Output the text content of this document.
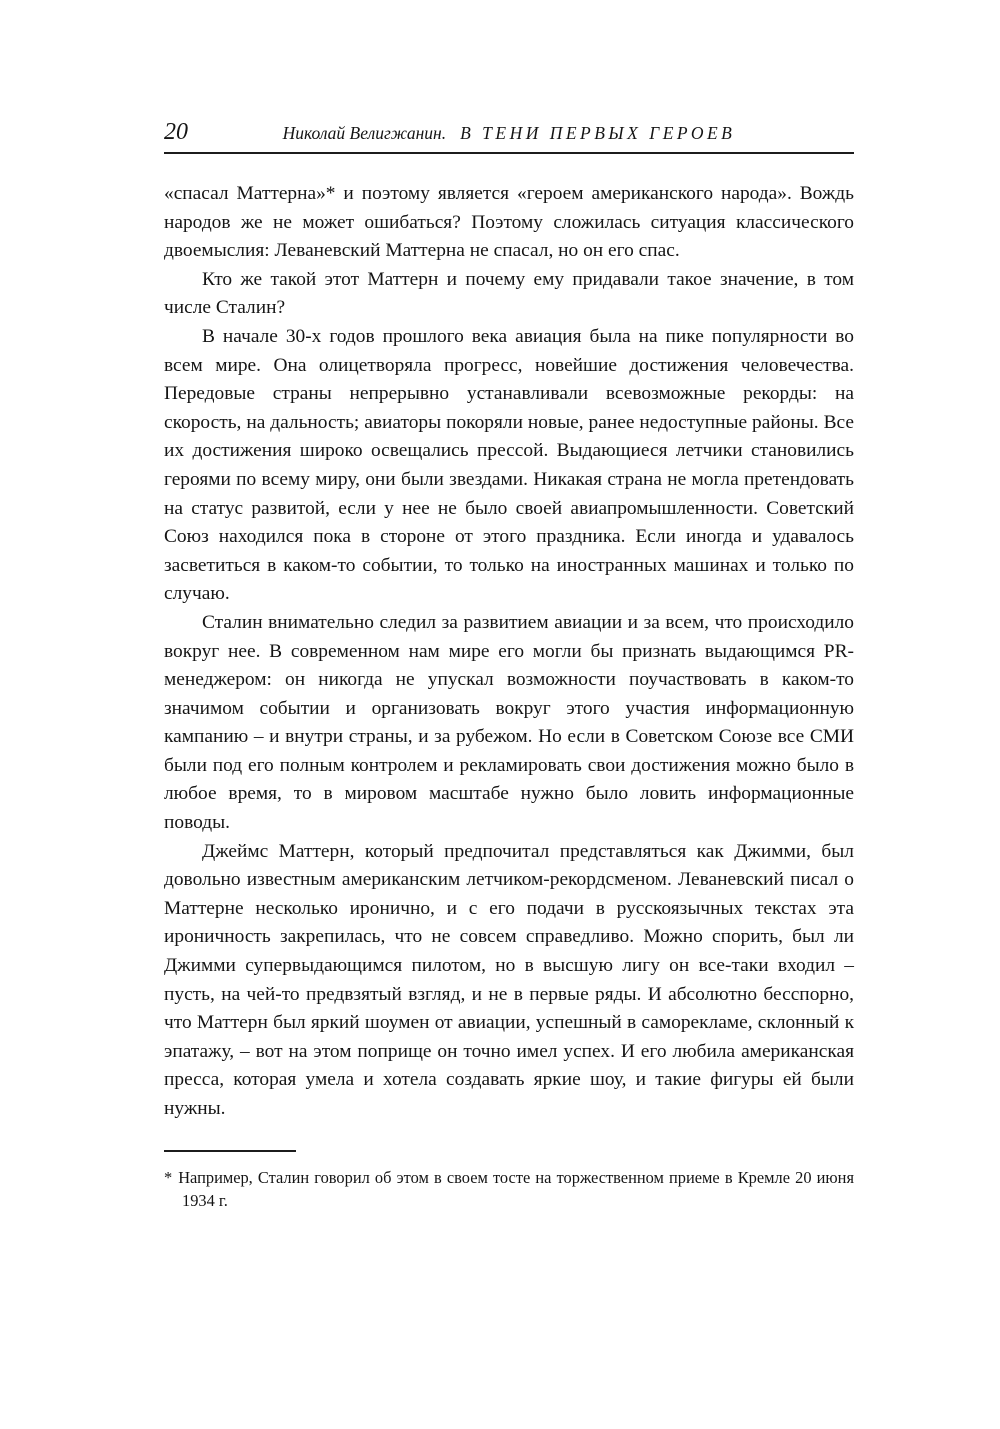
20	Николай Велигжанин. В ТЕНИ ПЕРВЫХ ГЕРОЕВ

«спасал Маттерна»* и поэтому является «героем американского народа». Вождь народов же не может ошибаться? Поэтому сложилась ситуация классического двоемыслия: Леваневский Маттерна не спасал, но он его спас.

Кто же такой этот Маттерн и почему ему придавали такое значение, в том числе Сталин?

В начале 30-х годов прошлого века авиация была на пике популярности во всем мире. Она олицетворяла прогресс, новейшие достижения человечества. Передовые страны непрерывно устанавливали всевозможные рекорды: на скорость, на дальность; авиаторы покоряли новые, ранее недоступные районы. Все их достижения широко освещались прессой. Выдающиеся летчики становились героями по всему миру, они были звездами. Никакая страна не могла претендовать на статус развитой, если у нее не было своей авиапромышленности. Советский Союз находился пока в стороне от этого праздника. Если иногда и удавалось засветиться в каком-то событии, то только на иностранных машинах и только по случаю.

Сталин внимательно следил за развитием авиации и за всем, что происходило вокруг нее. В современном нам мире его могли бы признать выдающимся PR-менеджером: он никогда не упускал возможности поучаствовать в каком-то значимом событии и организовать вокруг этого участия информационную кампанию – и внутри страны, и за рубежом. Но если в Советском Союзе все СМИ были под его полным контролем и рекламировать свои достижения можно было в любое время, то в мировом масштабе нужно было ловить информационные поводы.

Джеймс Маттерн, который предпочитал представляться как Джимми, был довольно известным американским летчиком-рекордсменом. Леваневский писал о Маттерне несколько иронично, и с его подачи в русскоязычных текстах эта ироничность закрепилась, что не совсем справедливо. Можно спорить, был ли Джимми супервыдающимся пилотом, но в высшую лигу он все-таки входил – пусть, на чей-то предвзятый взгляд, и не в первые ряды. И абсолютно бесспорно, что Маттерн был яркий шоумен от авиации, успешный в саморекламе, склонный к эпатажу, – вот на этом поприще он точно имел успех. И его любила американская пресса, которая умела и хотела создавать яркие шоу, и такие фигуры ей были нужны.

* Например, Сталин говорил об этом в своем тосте на торжественном приеме в Кремле 20 июня 1934 г.
